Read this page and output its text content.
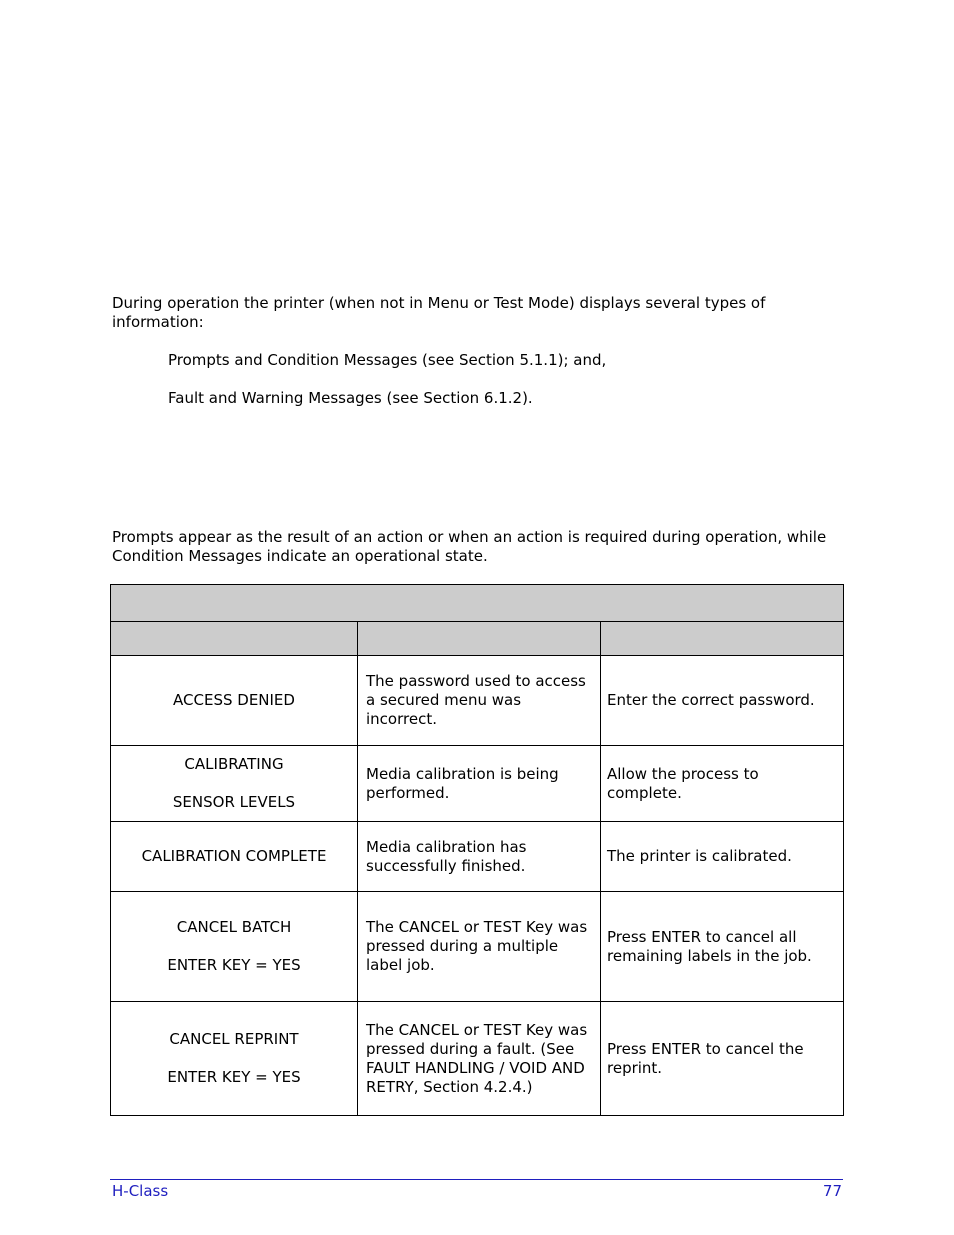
During operation the printer (when not in Menu or Test Mode) displays several types of information:

Prompts and Condition Messages (see Section 5.1.1); and,

Fault and Warning Messages (see Section 6.1.2).

Prompts appear as the result of an action or when an action is required during operation, while Condition Messages indicate an operational state.

ACCESS DENIED	The password used to access a secured menu was incorrect.	Enter the correct password.

CALIBRATING
SENSOR LEVELS	Media calibration is being performed.	Allow the process to complete.

CALIBRATION COMPLETE	Media calibration has successfully finished.	The printer is calibrated.

CANCEL BATCH
ENTER KEY = YES	The CANCEL or TEST Key was pressed during a multiple label job.	Press ENTER to cancel all remaining labels in the job.

CANCEL REPRINT
ENTER KEY = YES	The CANCEL or TEST Key was pressed during a fault. (See FAULT HANDLING / VOID AND RETRY, Section 4.2.4.)	Press ENTER to cancel the reprint.
H-Class	77
